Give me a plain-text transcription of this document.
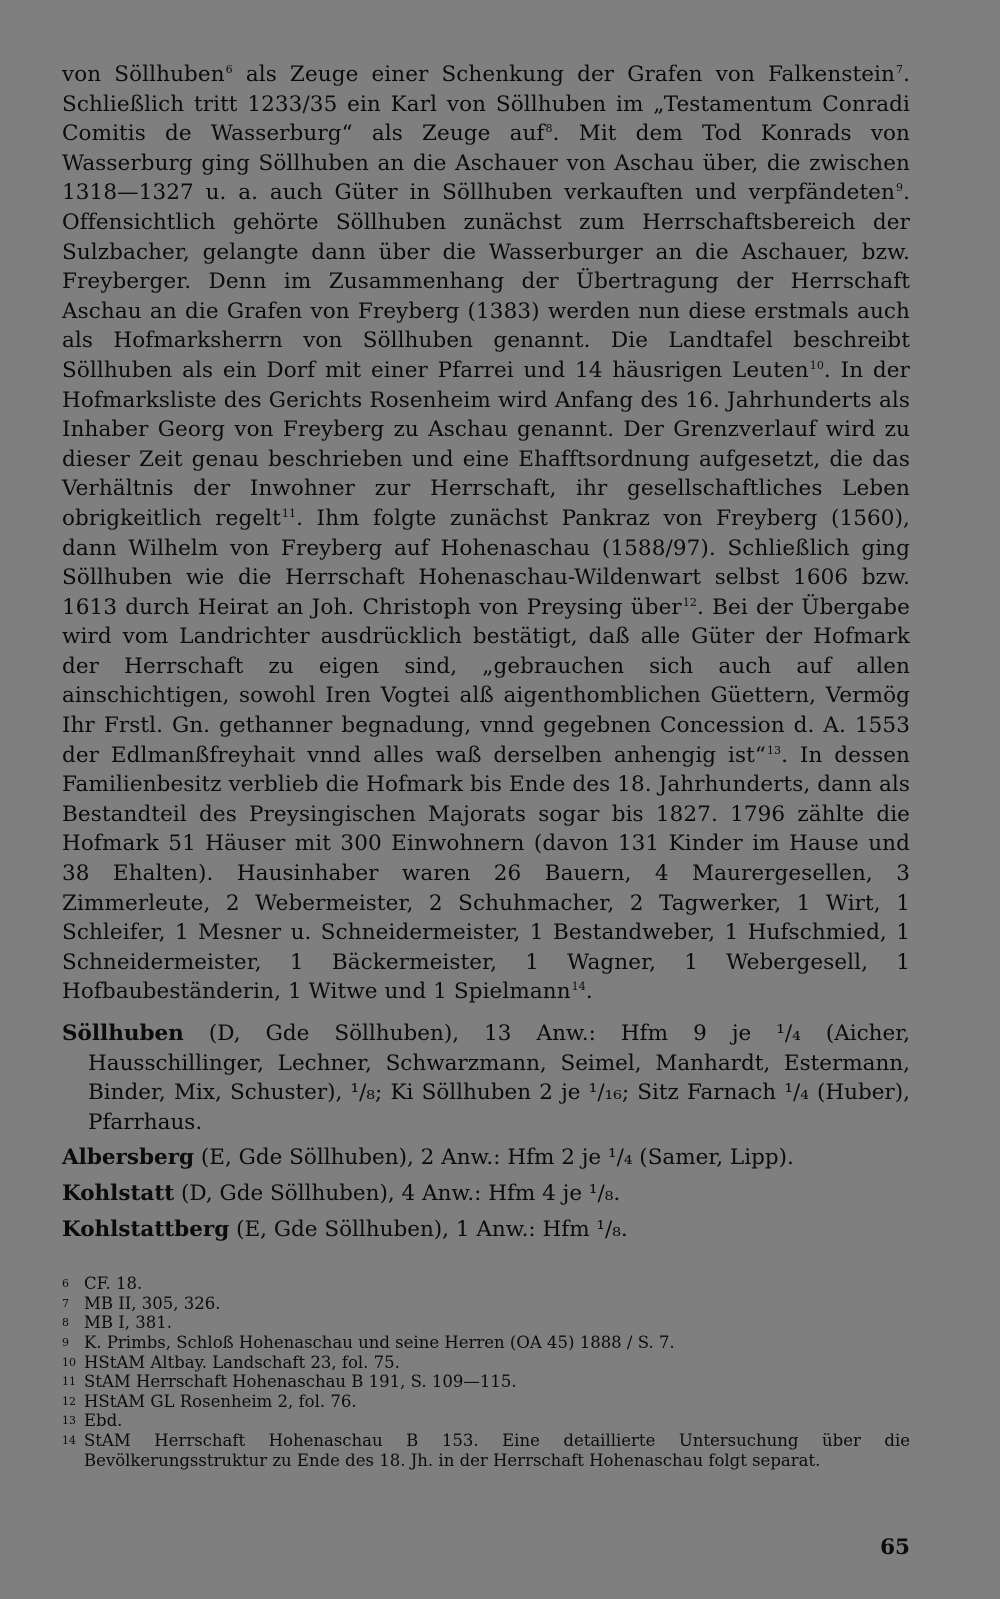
von Söllhuben$^6$ als Zeuge einer Schenkung der Grafen von Falkenstein$^7$. Schließlich tritt 1233/35 ein Karl von Söllhuben im „Testamentum Conradi Comitis de Wasserburg“ als Zeuge auf$^8$. Mit dem Tod Konrads von Wasserburg ging Söllhuben an die Aschauer von Aschau über, die zwischen 1318—1327 u. a. auch Güter in Söllhuben verkauften und verpfändeten$^9$. Offensichtlich gehörte Söllhuben zunächst zum Herrschaftsbereich der Sulzbacher, gelangte dann über die Wasserburger an die Aschauer, bzw. Freyberger. Denn im Zusammenhang der Übertragung der Herrschaft Aschau an die Grafen von Freyberg (1383) werden nun diese erstmals auch als Hofmarksherrn von Söllhuben genannt. Die Landtafel beschreibt Söllhuben als ein Dorf mit einer Pfarrei und 14 häusrigen Leuten$^{10}$. In der Hofmarksliste des Gerichts Rosenheim wird Anfang des 16. Jahrhunderts als Inhaber Georg von Freyberg zu Aschau genannt. Der Grenzverlauf wird zu dieser Zeit genau beschrieben und eine Ehafftsordnung aufgesetzt, die das Verhältnis der Inwohner zur Herrschaft, ihr gesellschaftliches Leben obrigkeitlich regelt$^{11}$. Ihm folgte zunächst Pankraz von Freyberg (1560), dann Wilhelm von Freyberg auf Hohenaschau (1588/97). Schließlich ging Söllhuben wie die Herrschaft Hohenaschau-Wildenwart selbst 1606 bzw. 1613 durch Heirat an Joh. Christoph von Preysing über$^{12}$. Bei der Übergabe wird vom Landrichter ausdrücklich bestätigt, daß alle Güter der Hofmark der Herrschaft zu eigen sind, „gebrauchen sich auch auf allen ainschichtigen, sowohl Iren Vogtei alß aigenthomblichen Güettern, Vermög Ihr Frstl. Gn. gethanner begnadung, vnnd gegebnen Concession d. A. 1553 der Edlmanßfreyhait vnnd alles waß derselben anhengig ist“$^{13}$. In dessen Familienbesitz verblieb die Hofmark bis Ende des 18. Jahrhunderts, dann als Bestandteil des Preysingischen Majorats sogar bis 1827. 1796 zählte die Hofmark 51 Häuser mit 300 Einwohnern (davon 131 Kinder im Hause und 38 Ehalten). Hausinhaber waren 26 Bauern, 4 Maurergesellen, 3 Zimmerleute, 2 Webermeister, 2 Schuhmacher, 2 Tagwerker, 1 Wirt, 1 Schleifer, 1 Mesner u. Schneidermeister, 1 Bestandweber, 1 Hufschmied, 1 Schneidermeister, 1 Bäckermeister, 1 Wagner, 1 Webergesell, 1 Hofbaubeständerin, 1 Witwe und 1 Spielmann$^{14}$.

Söllhuben (D, Gde Söllhuben), 13 Anw.: Hfm 9 je ¹/₄ (Aicher, Hausschillinger, Lechner, Schwarzmann, Seimel, Manhardt, Estermann, Binder, Mix, Schuster), ¹/₈; Ki Söllhuben 2 je ¹/₁₆; Sitz Farnach ¹/₄ (Huber), Pfarrhaus.

Albersberg (E, Gde Söllhuben), 2 Anw.: Hfm 2 je ¹/₄ (Samer, Lipp).

Kohlstatt (D, Gde Söllhuben), 4 Anw.: Hfm 4 je ¹/₈.

Kohlstattberg (E, Gde Söllhuben), 1 Anw.: Hfm ¹/₈.

6 CF. 18.

7 MB II, 305, 326.

8 MB I, 381.

9 K. Primbs, Schloß Hohenaschau und seine Herren (OA 45) 1888 / S. 7.

10 HStAM Altbay. Landschaft 23, fol. 75.

11 StAM Herrschaft Hohenaschau B 191, S. 109—115.

12 HStAM GL Rosenheim 2, fol. 76.

13 Ebd.

14 StAM Herrschaft Hohenaschau B 153. Eine detaillierte Untersuchung über die Bevölkerungsstruktur zu Ende des 18. Jh. in der Herrschaft Hohenaschau folgt separat.

65
